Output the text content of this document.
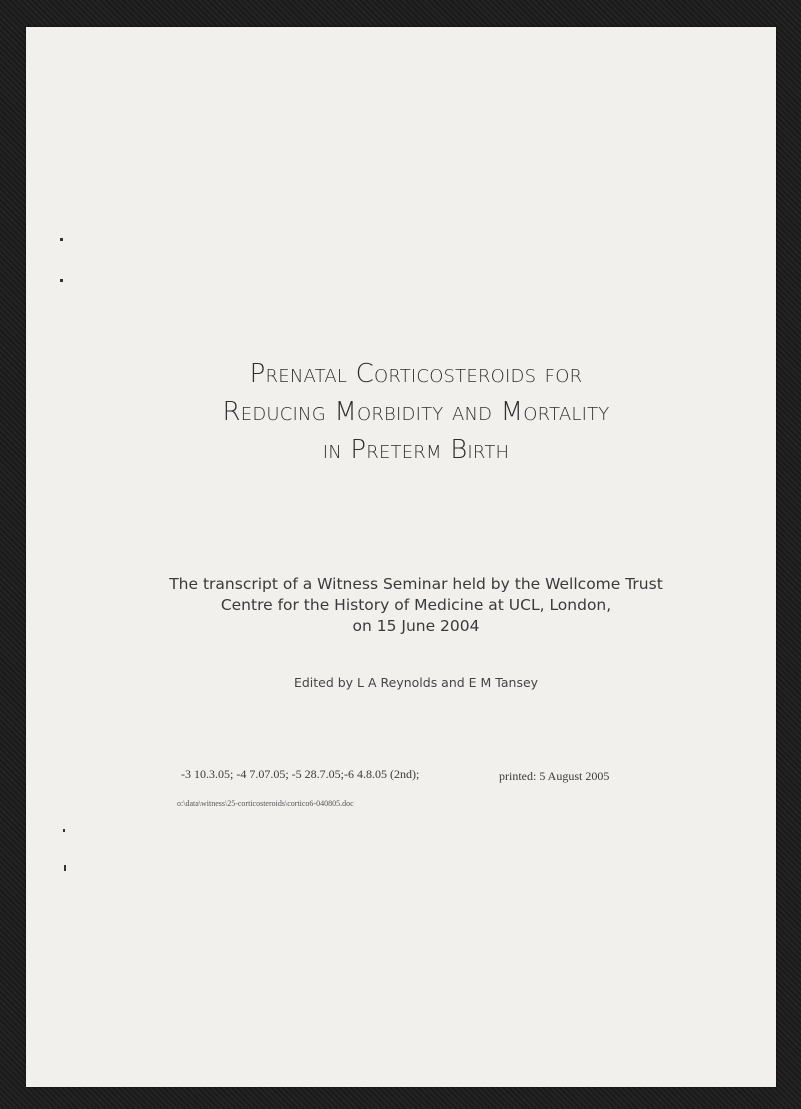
Prenatal Corticosteroids for
Reducing Morbidity and Mortality
in Preterm Birth
The transcript of a Witness Seminar held by the Wellcome Trust
Centre for the History of Medicine at UCL, London,
on 15 June 2004
Edited by L A Reynolds and E M Tansey
-3 10.3.05; -4 7.07.05; -5 28.7.05;-6 4.8.05 (2nd);	printed: 5 August 2005
o:\data\witness\25-corticosteroids\cortico6-040805.doc
